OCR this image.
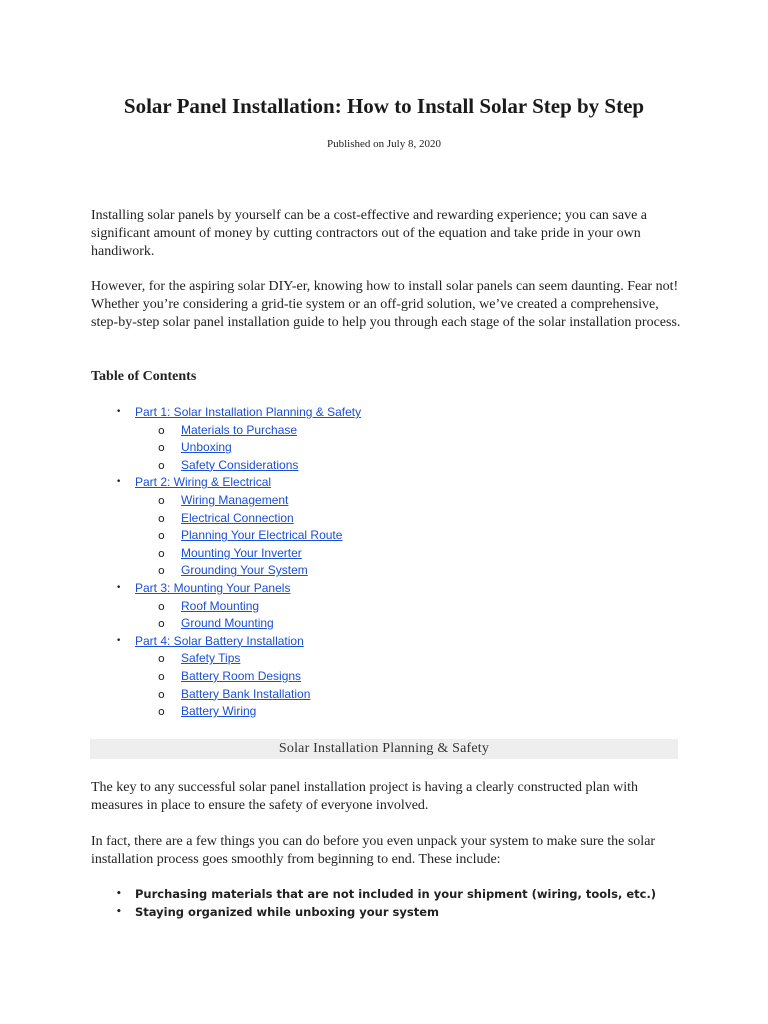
Solar Panel Installation: How to Install Solar Step by Step
Published on July 8, 2020

Installing solar panels by yourself can be a cost-effective and rewarding experience; you can save a significant amount of money by cutting contractors out of the equation and take pride in your own handiwork.

However, for the aspiring solar DIY-er, knowing how to install solar panels can seem daunting. Fear not! Whether you’re considering a grid-tie system or an off-grid solution, we’ve created a comprehensive, step-by-step solar panel installation guide to help you through each stage of the solar installation process.

Table of Contents
• Part 1: Solar Installation Planning & Safety
o Materials to Purchase
o Unboxing
o Safety Considerations
• Part 2: Wiring & Electrical
o Wiring Management
o Electrical Connection
o Planning Your Electrical Route
o Mounting Your Inverter
o Grounding Your System
• Part 3: Mounting Your Panels
o Roof Mounting
o Ground Mounting
• Part 4: Solar Battery Installation
o Safety Tips
o Battery Room Designs
o Battery Bank Installation
o Battery Wiring
Solar Installation Planning & Safety

The key to any successful solar panel installation project is having a clearly constructed plan with measures in place to ensure the safety of everyone involved.

In fact, there are a few things you can do before you even unpack your system to make sure the solar installation process goes smoothly from beginning to end. These include:

• Purchasing materials that are not included in your shipment (wiring, tools, etc.)
• Staying organized while unboxing your system
